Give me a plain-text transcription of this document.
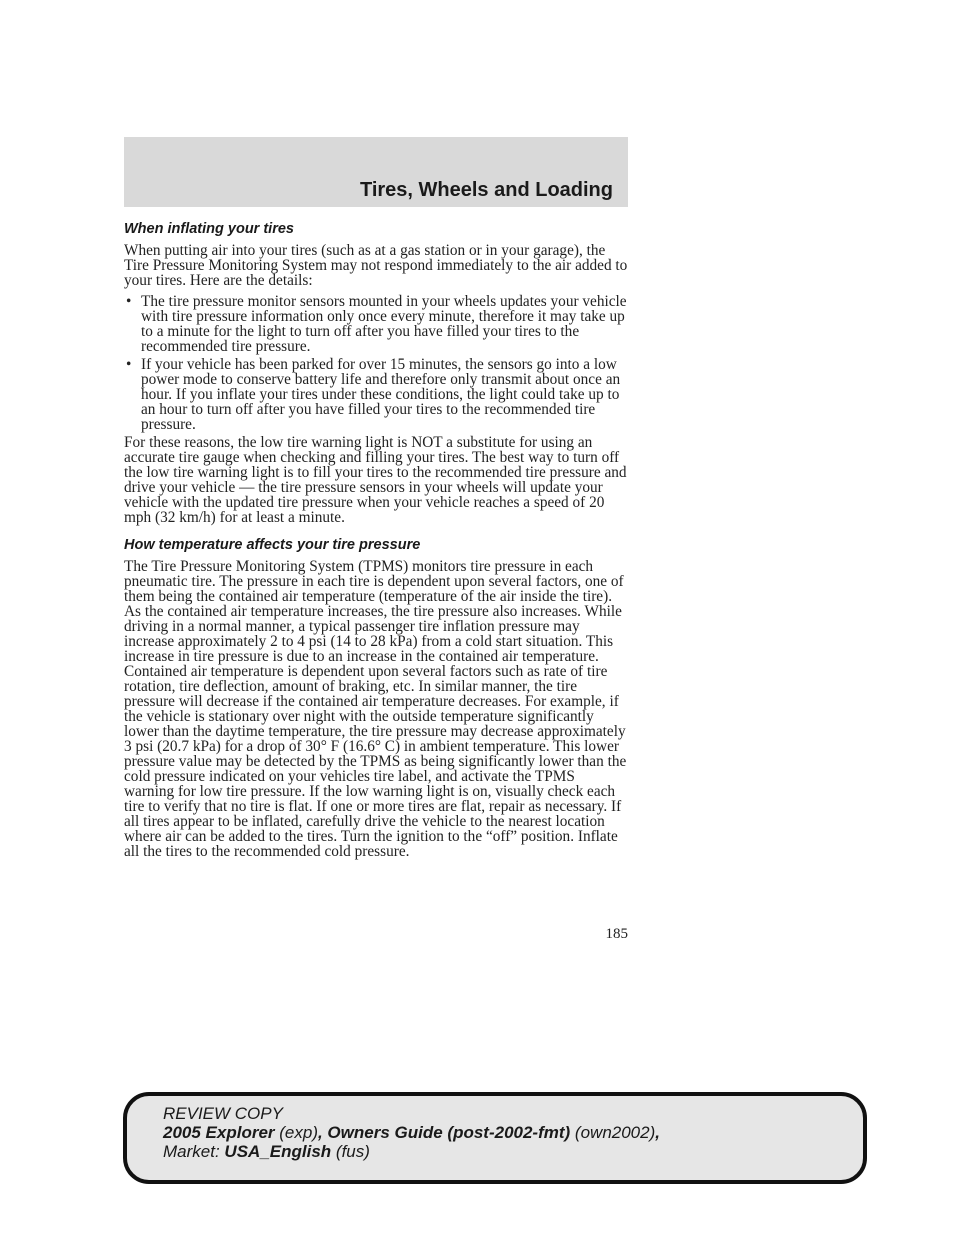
Tires, Wheels and Loading
When inflating your tires

When putting air into your tires (such as at a gas station or in your garage), the Tire Pressure Monitoring System may not respond immediately to the air added to your tires. Here are the details:

• The tire pressure monitor sensors mounted in your wheels updates your vehicle with tire pressure information only once every minute, therefore it may take up to a minute for the light to turn off after you have filled your tires to the recommended tire pressure.
• If your vehicle has been parked for over 15 minutes, the sensors go into a low power mode to conserve battery life and therefore only transmit about once an hour. If you inflate your tires under these conditions, the light could take up to an hour to turn off after you have filled your tires to the recommended tire pressure.

For these reasons, the low tire warning light is NOT a substitute for using an accurate tire gauge when checking and filling your tires. The best way to turn off the low tire warning light is to fill your tires to the recommended tire pressure and drive your vehicle — the tire pressure sensors in your wheels will update your vehicle with the updated tire pressure when your vehicle reaches a speed of 20 mph (32 km/h) for at least a minute.

How temperature affects your tire pressure

The Tire Pressure Monitoring System (TPMS) monitors tire pressure in each pneumatic tire. The pressure in each tire is dependent upon several factors, one of them being the contained air temperature (temperature of the air inside the tire). As the contained air temperature increases, the tire pressure also increases. While driving in a normal manner, a typical passenger tire inflation pressure may increase approximately 2 to 4 psi (14 to 28 kPa) from a cold start situation. This increase in tire pressure is due to an increase in the contained air temperature. Contained air temperature is dependent upon several factors such as rate of tire rotation, tire deflection, amount of braking, etc. In similar manner, the tire pressure will decrease if the contained air temperature decreases. For example, if the vehicle is stationary over night with the outside temperature significantly lower than the daytime temperature, the tire pressure may decrease approximately 3 psi (20.7 kPa) for a drop of 30° F (16.6° C) in ambient temperature. This lower pressure value may be detected by the TPMS as being significantly lower than the cold pressure indicated on your vehicles tire label, and activate the TPMS warning for low tire pressure. If the low warning light is on, visually check each tire to verify that no tire is flat. If one or more tires are flat, repair as necessary. If all tires appear to be inflated, carefully drive the vehicle to the nearest location where air can be added to the tires. Turn the ignition to the “off” position. Inflate all the tires to the recommended cold pressure.

185
REVIEW COPY
2005 Explorer (exp), Owners Guide (post-2002-fmt) (own2002),
Market: USA_English (fus)
